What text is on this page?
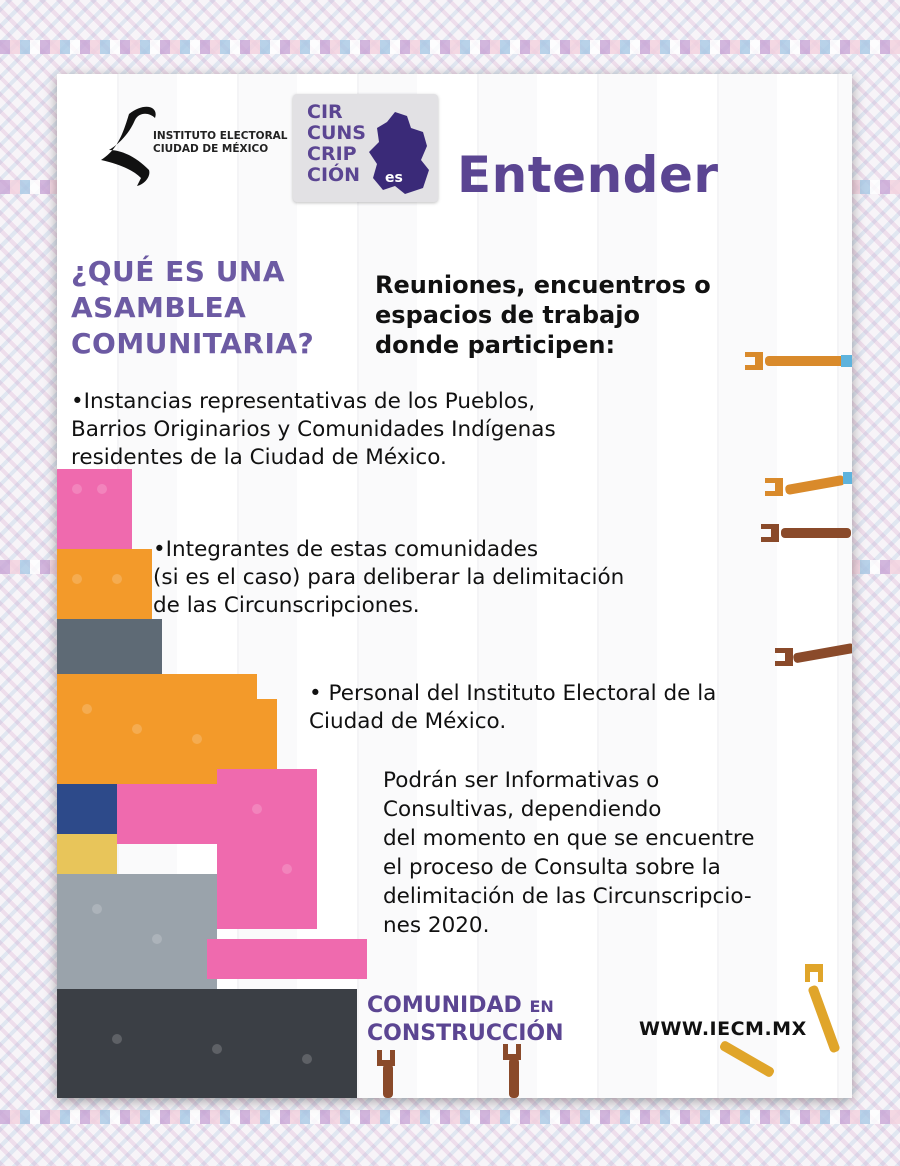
INSTITUTO ELECTORAL
CIUDAD DE MÉXICO
CIR
CUNS
CRIP
CIÓN es Entender
¿QUÉ ES UNA
ASAMBLEA
COMUNITARIA?
Reuniones, encuentros o
espacios de trabajo
donde participen:
•Instancias representativas de los Pueblos,
Barrios Originarios y Comunidades Indígenas
residentes de la Ciudad de México.
•Integrantes de estas comunidades
(si es el caso) para deliberar la delimitación
de las Circunscripciones.
• Personal del Instituto Electoral de la
Ciudad de México.
Podrán ser Informativas o
Consultivas, dependiendo
del momento en que se encuentre
el proceso de Consulta sobre la
delimitación de las Circunscripcio-
nes 2020.
COMUNIDAD EN
CONSTRUCCIÓN	WWW.IECM.MX
